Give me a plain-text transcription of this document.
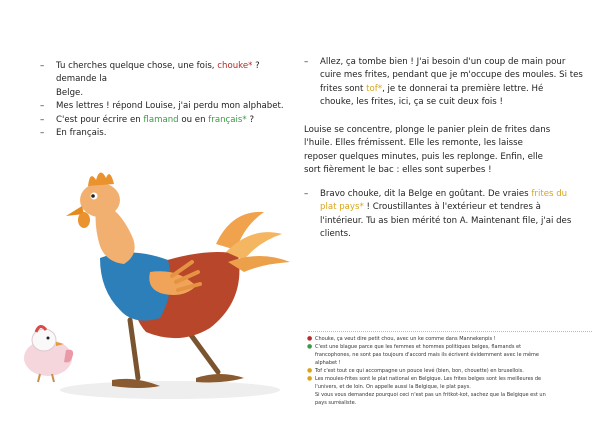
– Tu cherches quelque chose, une fois, chouke* ? demande la
Belge.
– Mes lettres ! répond Louise, j'ai perdu mon alphabet.
– C'est pour écrire en flamand ou en français* ?
– En français.
– Allez, ça tombe bien ! J'ai besoin d'un coup de main pour
cuire mes frites, pendant que je m'occupe des moules. Si tes
frites sont tof*, je te donnerai ta première lettre. Hé
chouke, les frites, ici, ça se cuit deux fois !
Louise se concentre, plonge le panier plein de frites dans
l'huile. Elles frémissent. Elle les remonte, les laisse
reposer quelques minutes, puis les replonge. Enfin, elle
sort fièrement le bac : elles sont superbes !
– Bravo chouke, dit la Belge en goûtant. De vraies frites du
plat pays* ! Croustillantes à l'extérieur et tendres à
l'intérieur. Tu as bien mérité ton A. Maintenant file, j'ai des
clients.
● Chouke, ça veut dire petit chou, avec un ke comme dans Mannekenpis !
● C'est une blague parce que les femmes et hommes politiques belges, flamands et
francophones, ne sont pas toujours d'accord mais ils écrivent évidemment avec le même
alphabet !
● Tof c'est tout ce qui accompagne un pouce levé (bien, bon, chouette) en bruxellois.
● Les moules-frites sont le plat national en Belgique. Les frites belges sont les meilleures de
l'univers, et de loin. On appelle aussi la Belgique, le plat pays.
Si vous vous demandez pourquoi ceci n'est pas un fritkot-kot, sachez que la Belgique est un
pays surréaliste.
